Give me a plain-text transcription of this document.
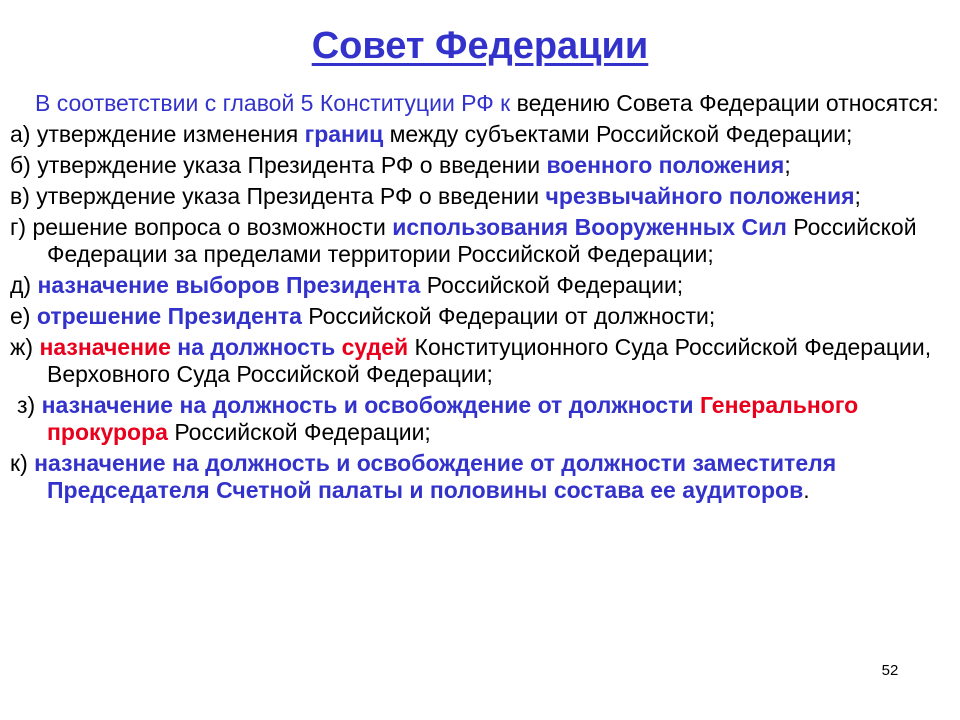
Совет Федерации

В соответствии с главой 5 Конституции РФ к ведению Совета Федерации относятся:

а) утверждение изменения границ между субъектами Российской Федерации;

б) утверждение указа Президента РФ о введении военного положения;

в) утверждение указа Президента РФ о введении чрезвычайного положения;

г) решение вопроса о возможности использования Вооруженных Сил Российской Федерации за пределами территории Российской Федерации;

д) назначение выборов Президента Российской Федерации;

е) отрешение Президента Российской Федерации от должности;

ж) назначение на должность судей Конституционного Суда Российской Федерации, Верховного Суда Российской Федерации;

з) назначение на должность и освобождение от должности Генерального прокурора Российской Федерации;

к) назначение на должность и освобождение от должности заместителя Председателя Счетной палаты и половины состава ее аудиторов.

52
